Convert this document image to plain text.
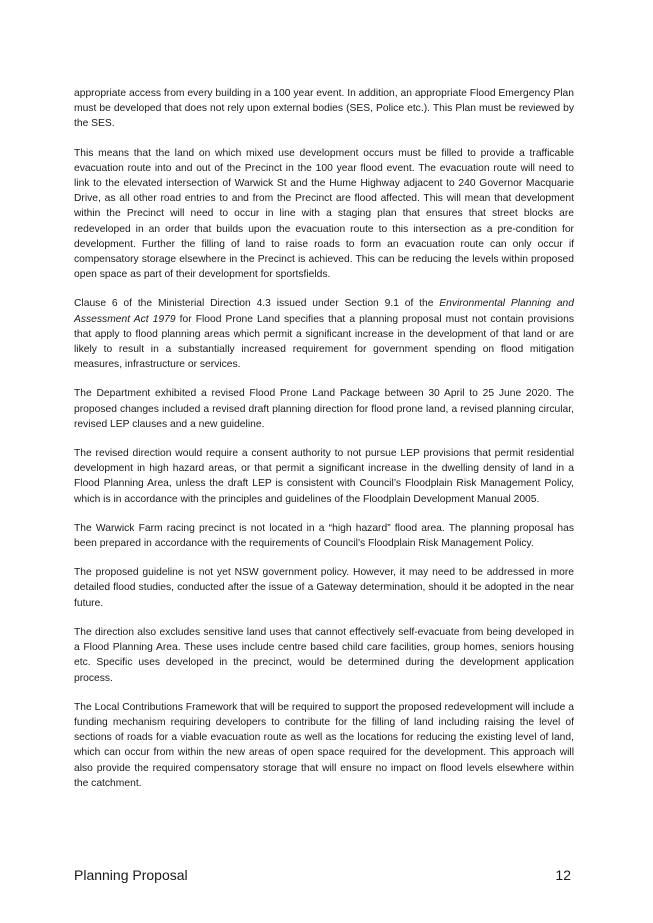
appropriate access from every building in a 100 year event. In addition, an appropriate Flood Emergency Plan must be developed that does not rely upon external bodies (SES, Police etc.). This Plan must be reviewed by the SES.

This means that the land on which mixed use development occurs must be filled to provide a trafficable evacuation route into and out of the Precinct in the 100 year flood event. The evacuation route will need to link to the elevated intersection of Warwick St and the Hume Highway adjacent to 240 Governor Macquarie Drive, as all other road entries to and from the Precinct are flood affected. This will mean that development within the Precinct will need to occur in line with a staging plan that ensures that street blocks are redeveloped in an order that builds upon the evacuation route to this intersection as a pre-condition for development. Further the filling of land to raise roads to form an evacuation route can only occur if compensatory storage elsewhere in the Precinct is achieved. This can be reducing the levels within proposed open space as part of their development for sportsfields.

Clause 6 of the Ministerial Direction 4.3 issued under Section 9.1 of the Environmental Planning and Assessment Act 1979 for Flood Prone Land specifies that a planning proposal must not contain provisions that apply to flood planning areas which permit a significant increase in the development of that land or are likely to result in a substantially increased requirement for government spending on flood mitigation measures, infrastructure or services.

The Department exhibited a revised Flood Prone Land Package between 30 April to 25 June 2020. The proposed changes included a revised draft planning direction for flood prone land, a revised planning circular, revised LEP clauses and a new guideline.

The revised direction would require a consent authority to not pursue LEP provisions that permit residential development in high hazard areas, or that permit a significant increase in the dwelling density of land in a Flood Planning Area, unless the draft LEP is consistent with Council’s Floodplain Risk Management Policy, which is in accordance with the principles and guidelines of the Floodplain Development Manual 2005.

The Warwick Farm racing precinct is not located in a “high hazard” flood area. The planning proposal has been prepared in accordance with the requirements of Council’s Floodplain Risk Management Policy.

The proposed guideline is not yet NSW government policy. However, it may need to be addressed in more detailed flood studies, conducted after the issue of a Gateway determination, should it be adopted in the near future.

The direction also excludes sensitive land uses that cannot effectively self-evacuate from being developed in a Flood Planning Area. These uses include centre based child care facilities, group homes, seniors housing etc. Specific uses developed in the precinct, would be determined during the development application process.

The Local Contributions Framework that will be required to support the proposed redevelopment will include a funding mechanism requiring developers to contribute for the filling of land including raising the level of sections of roads for a viable evacuation route as well as the locations for reducing the existing level of land, which can occur from within the new areas of open space required for the development. This approach will also provide the required compensatory storage that will ensure no impact on flood levels elsewhere within the catchment.

Planning Proposal	12
